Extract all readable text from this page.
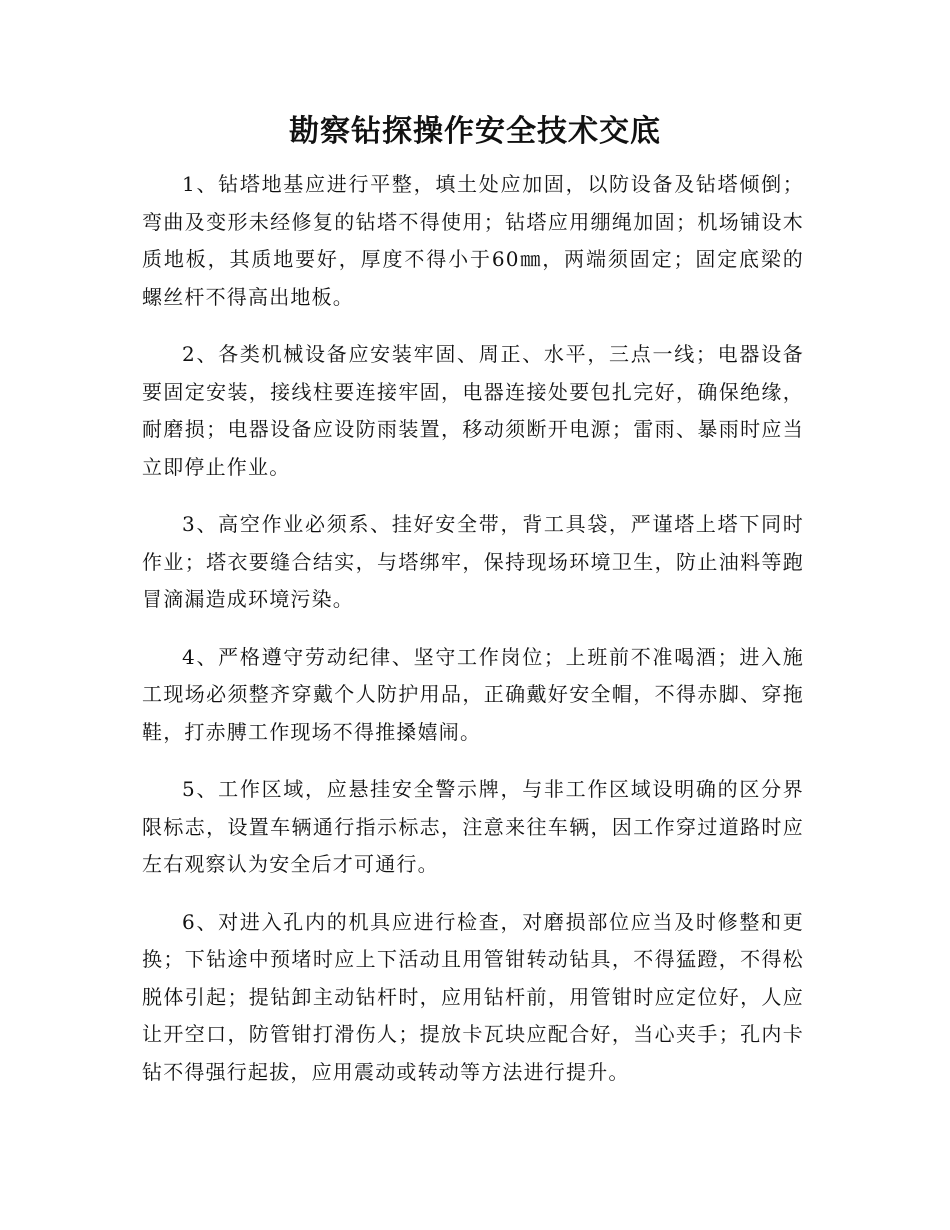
勘察钻探操作安全技术交底

1、钻塔地基应进行平整，填土处应加固，以防设备及钻塔倾倒；弯曲及变形未经修复的钻塔不得使用；钻塔应用绷绳加固；机场铺设木质地板，其质地要好，厚度不得小于60㎜，两端须固定；固定底梁的螺丝杆不得高出地板。

2、各类机械设备应安装牢固、周正、水平，三点一线；电器设备要固定安装，接线柱要连接牢固，电器连接处要包扎完好，确保绝缘，耐磨损；电器设备应设防雨装置，移动须断开电源；雷雨、暴雨时应当立即停止作业。

3、高空作业必须系、挂好安全带，背工具袋，严谨塔上塔下同时作业；塔衣要缝合结实，与塔绑牢，保持现场环境卫生，防止油料等跑冒滴漏造成环境污染。

4、严格遵守劳动纪律、坚守工作岗位；上班前不准喝酒；进入施工现场必须整齐穿戴个人防护用品，正确戴好安全帽，不得赤脚、穿拖鞋，打赤膊工作现场不得推搡嬉闹。

5、工作区域，应悬挂安全警示牌，与非工作区域设明确的区分界限标志，设置车辆通行指示标志，注意来往车辆，因工作穿过道路时应左右观察认为安全后才可通行。

6、对进入孔内的机具应进行检查，对磨损部位应当及时修整和更换；下钻途中预堵时应上下活动且用管钳转动钻具，不得猛蹬，不得松脱体引起；提钻卸主动钻杆时，应用钻杆前，用管钳时应定位好，人应让开空口，防管钳打滑伤人；提放卡瓦块应配合好，当心夹手；孔内卡钻不得强行起拔，应用震动或转动等方法进行提升。
